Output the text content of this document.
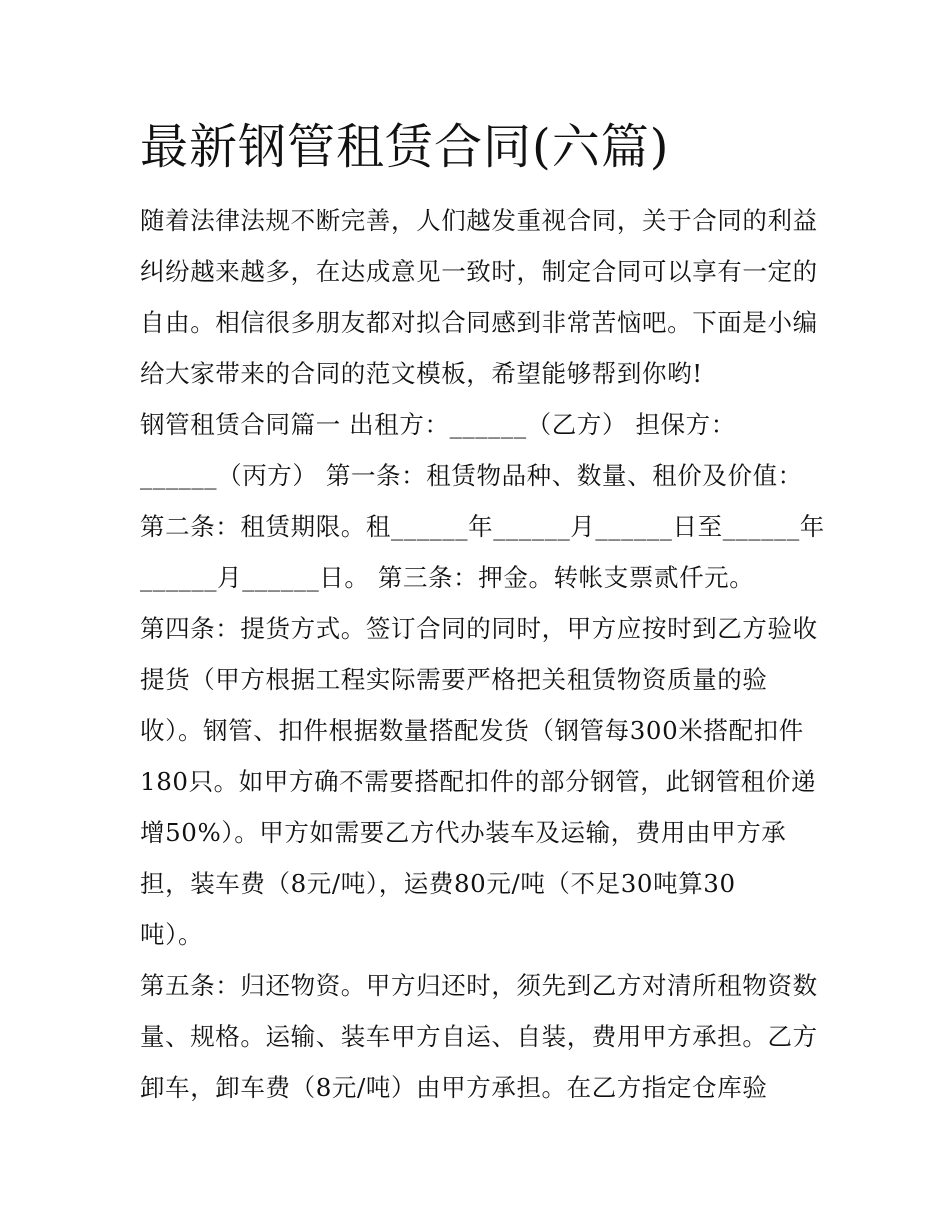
最新钢管租赁合同(六篇)

随着法律法规不断完善，人们越发重视合同，关于合同的利益

纠纷越来越多，在达成意见一致时，制定合同可以享有一定的

自由。相信很多朋友都对拟合同感到非常苦恼吧。下面是小编

给大家带来的合同的范文模板，希望能够帮到你哟!

钢管租赁合同篇一 出租方：______（乙方） 担保方：

______（丙方） 第一条：租赁物品种、数量、租价及价值：

第二条：租赁期限。租______年______月______日至______年

______月______日。 第三条：押金。转帐支票贰仟元。

第四条：提货方式。签订合同的同时，甲方应按时到乙方验收

提货（甲方根据工程实际需要严格把关租赁物资质量的验

收）。钢管、扣件根据数量搭配发货（钢管每300米搭配扣件

180只。如甲方确不需要搭配扣件的部分钢管，此钢管租价递

增50%）。甲方如需要乙方代办装车及运输，费用由甲方承

担，装车费（8元/吨），运费80元/吨（不足30吨算30

吨）。

第五条：归还物资。甲方归还时，须先到乙方对清所租物资数

量、规格。运输、装车甲方自运、自装，费用甲方承担。乙方

卸车，卸车费（8元/吨）由甲方承担。在乙方指定仓库验
